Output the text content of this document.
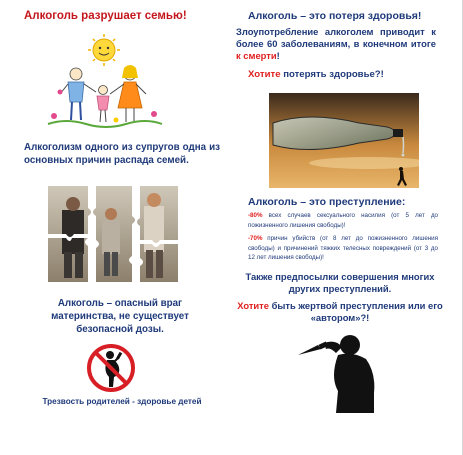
Алкоголь разрушает семью!

Алкоголизм одного из супругов одна из основных причин распада семей.

Алкоголь – опасный враг материнства, не существует безопасной дозы.

Трезвость родителей - здоровье детей

Алкоголь – это потеря здоровья!

Злоупотребление алкоголем приводит к более 60 заболеваниям, в конечном итоге к смерти!

Хотите потерять здоровье?!

Алкоголь – это преступление:

-80% всех случаев сексуального насилия (от 5 лет до пожизненного лишения свободы)!

-70% причин убийств (от 8 лет до пожизненного лишения свободы) и причинений тяжких телесных повреждений (от 3 до 12 лет лишения свободы)!

Также предпосылки совершения многих других преступлений.

Хотите быть жертвой преступления или его «автором»?!
